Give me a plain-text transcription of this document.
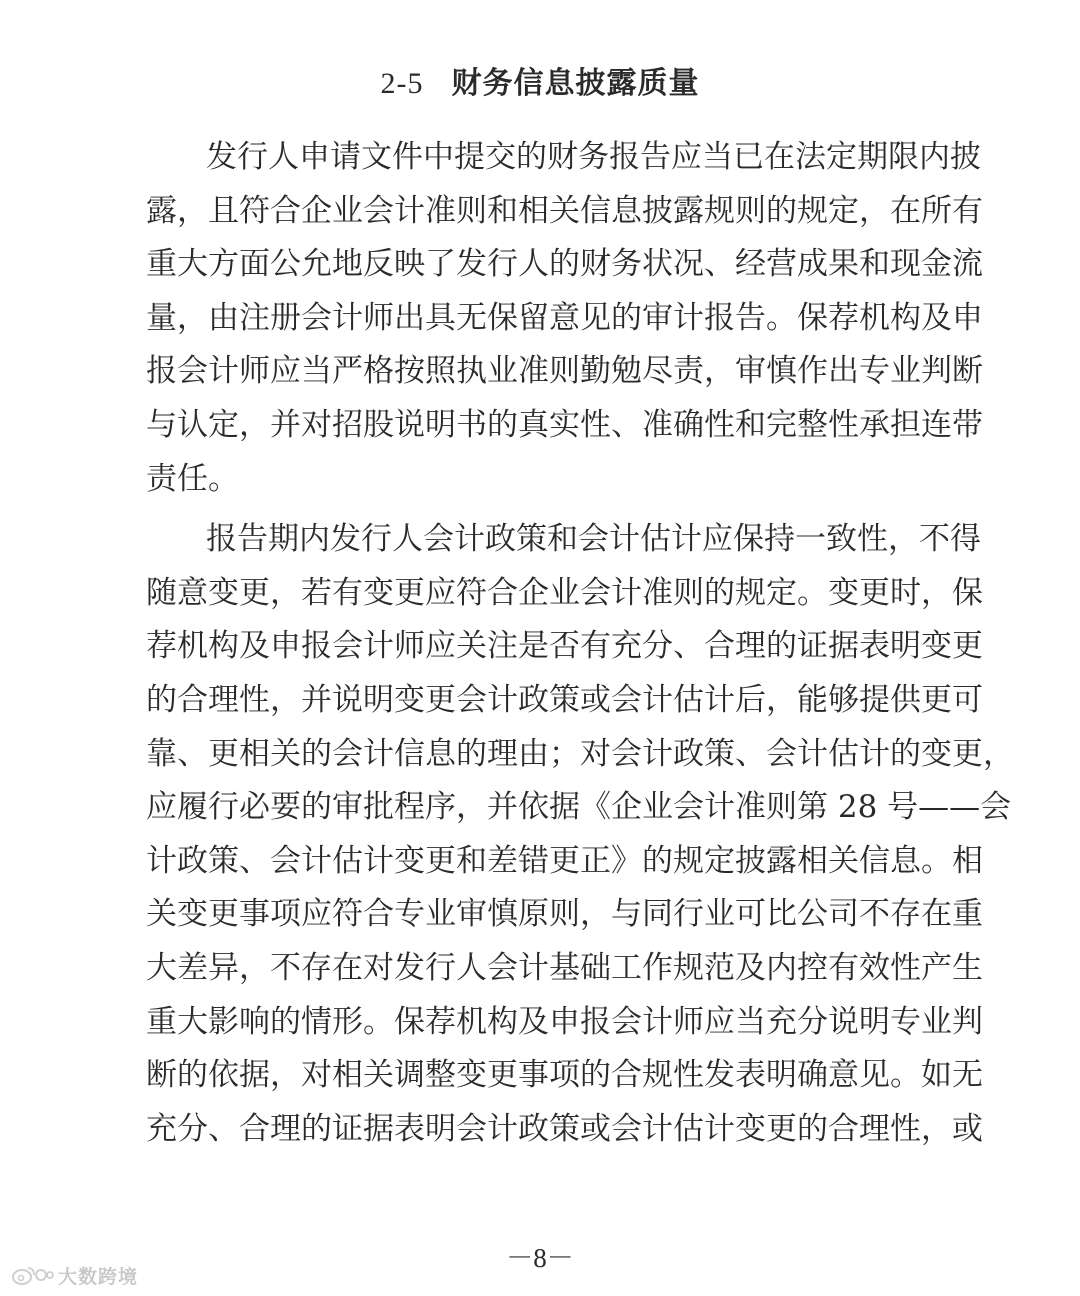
2-5 财务信息披露质量
发行人申请文件中提交的财务报告应当已在法定期限内披
露，且符合企业会计准则和相关信息披露规则的规定，在所有
重大方面公允地反映了发行人的财务状况、经营成果和现金流
量，由注册会计师出具无保留意见的审计报告。保荐机构及申
报会计师应当严格按照执业准则勤勉尽责，审慎作出专业判断
与认定，并对招股说明书的真实性、准确性和完整性承担连带
责任。
报告期内发行人会计政策和会计估计应保持一致性，不得
随意变更，若有变更应符合企业会计准则的规定。变更时，保
荐机构及申报会计师应关注是否有充分、合理的证据表明变更
的合理性，并说明变更会计政策或会计估计后，能够提供更可
靠、更相关的会计信息的理由；对会计政策、会计估计的变更，
应履行必要的审批程序，并依据《企业会计准则第 28 号——会
计政策、会计估计变更和差错更正》的规定披露相关信息。相
关变更事项应符合专业审慎原则，与同行业可比公司不存在重
大差异，不存在对发行人会计基础工作规范及内控有效性产生
重大影响的情形。保荐机构及申报会计师应当充分说明专业判
断的依据，对相关调整变更事项的合规性发表明确意见。如无
充分、合理的证据表明会计政策或会计估计变更的合理性，或
－8－
大数跨境
